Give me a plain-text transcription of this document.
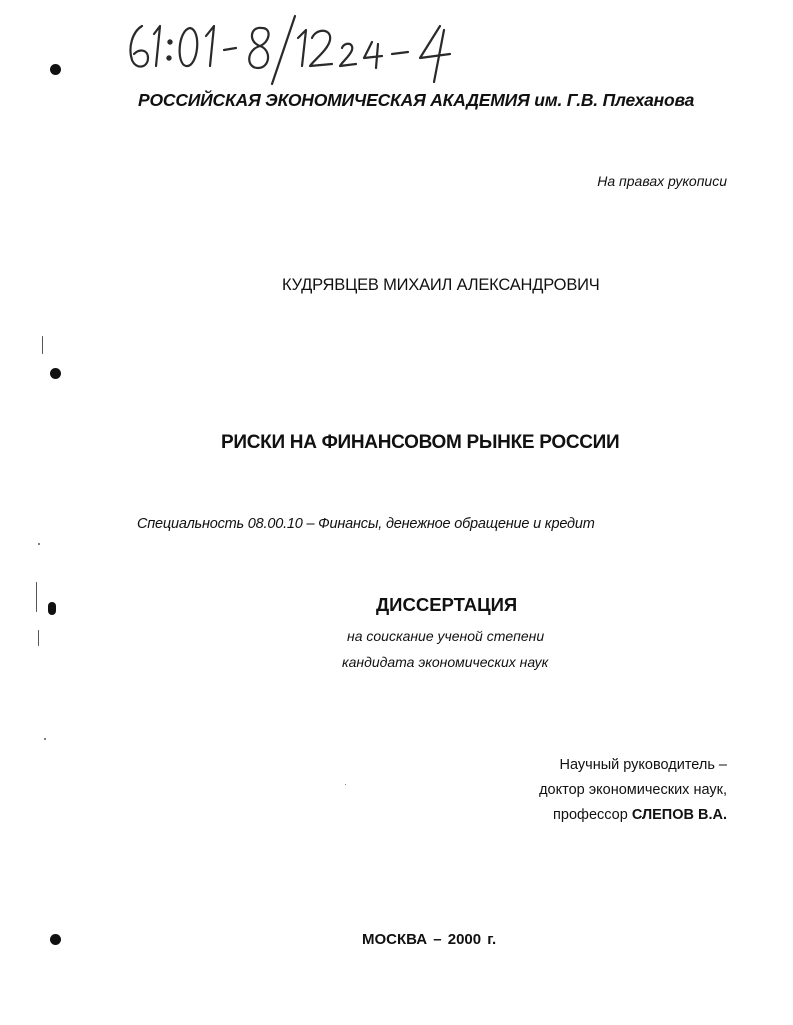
РОССИЙСКАЯ ЭКОНОМИЧЕСКАЯ АКАДЕМИЯ им. Г.В. Плеханова
На правах рукописи
КУДРЯВЦЕВ МИХАИЛ АЛЕКСАНДРОВИЧ
РИСКИ НА ФИНАНСОВОМ РЫНКЕ РОССИИ
Специальность 08.00.10 – Финансы, денежное обращение и кредит
ДИССЕРТАЦИЯ
на соискание ученой степени
кандидата экономических наук
Научный руководитель –
доктор экономических наук,
профессор СЛЕПОВ В.А.
МОСКВА – 2000 г.
